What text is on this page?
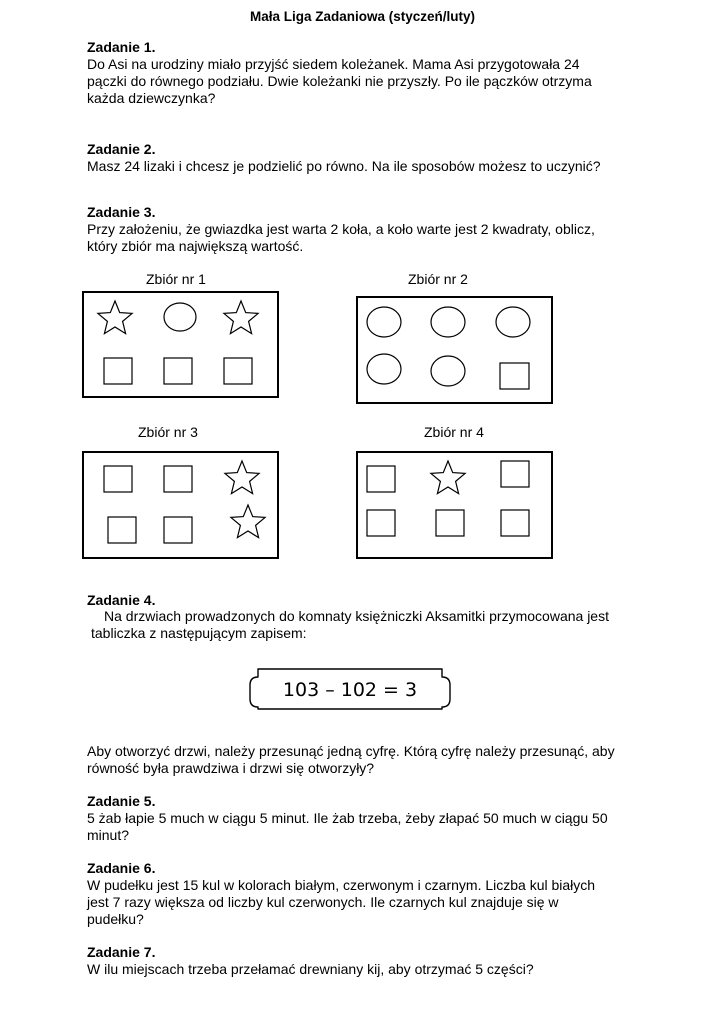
Mała Liga Zadaniowa (styczeń/luty)
Zadanie 1.
Do Asi na urodziny miało przyjść siedem koleżanek. Mama Asi przygotowała 24
pączki do równego podziału. Dwie koleżanki nie przyszły. Po ile pączków otrzyma
każda dziewczynka?
Zadanie 2.
Masz 24 lizaki i chcesz je podzielić po równo. Na ile sposobów możesz to uczynić?
Zadanie 3.
Przy założeniu, że gwiazdka jest warta 2 koła, a koło warte jest 2 kwadraty, oblicz,
który zbiór ma największą wartość.
Zbiór nr 1	Zbiór nr 2
Zbiór nr 3	Zbiór nr 4
Zadanie 4.
Na drzwiach prowadzonych do komnaty księżniczki Aksamitki przymocowana jest
tabliczka z następującym zapisem:
103 – 102 = 3
Aby otworzyć drzwi, należy przesunąć jedną cyfrę. Którą cyfrę należy przesunąć, aby
równość była prawdziwa i drzwi się otworzyły?
Zadanie 5.
5 żab łapie 5 much w ciągu 5 minut. Ile żab trzeba, żeby złapać 50 much w ciągu 50
minut?
Zadanie 6.
W pudełku jest 15 kul w kolorach białym, czerwonym i czarnym. Liczba kul białych
jest 7 razy większa od liczby kul czerwonych. Ile czarnych kul znajduje się w
pudełku?
Zadanie 7.
W ilu miejscach trzeba przełamać drewniany kij, aby otrzymać 5 części?
